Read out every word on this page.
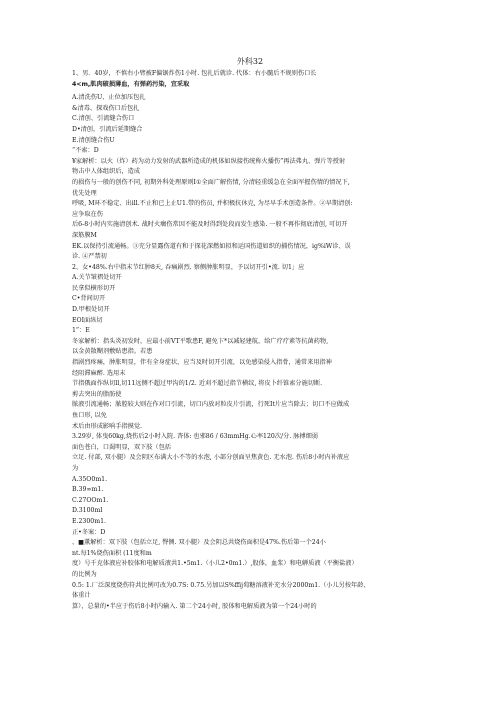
外科32
1、男．40岁，不慎右小臂被F偏锯炸伤1小时. 包扎后就诊. 代体：右小髓后不规则伤口长
4<m,肌肉破损薄血，有弹药污染，宜采取
A.清洗伤U、止位加压包扎
&清毒、探戏伤口后包扎
C.清创、引流缝合伤口
D•清创，引流后延期缝合
E.清创缝合伤U
“不索：D
¥家解析：以火（炸）药为动力发射的武器所造成的机体如纵接伤统称火播伤”再法弗丸、弹片等授射
物击中人体组织后，造成
的损伤与一般的创伤不同, 初期外科处理原则Ⅰ①全面广解伤情, 分清轻重缓急在全面军握伤情的情况下,
优先处理
呼吸, M环不稳定、出ill.不止和已上止U1.带的伤员, 并积极抗休克, 为尽早手术创造条件。②早期清创:
应争取在伤
后6-8小时内实施清创术. 战时火瘸伤常因不能及时得到处段而发生感染. 一般不再作彻底清创, 可切开
深筋膜M
EK.以保持引流通畅。③充分显露伤道有和于探花深燃如拟和运国伤道如织的捕伤情况，ig%iW诊、误
诊. ④严禁初
2、女•48%.右中指末节红肿8天, 吞痛剧烈. 察侧肿胀明显，予以切开引•流. 切1」应
A.关节皱褶处切开
民拿似横形切开
C•背间切开
D.甲根处切开
EOI面纵切
1”：E
冬家解析：指头炎初发时，应最小前VT平歌患F, 避免卞*以减轻建航，给广疗疗素等抗菌药物,
以金黄散糊剂敷贴患指。若患
指剧烈疼痛，肿胀明显，伴有全身症状，应当及时切开引流，以免感染侵入指骨，通常来用指神
经阻滞麻醉. 选用末
节指俄面作纵切ll,切11远侧不超过甲沟的1/2. 近刈不超过指节横纹, 将皮卜纤锥索分施切断.
剪去突出的脂肪使
脓液引流通畅；脓腔较大则在作对口引流，切口内放对粒皮片引流，行死It片应当除去；切口不应做成
鱼口形, 以免
术后由形成影响手指摸觉.
3.29岁, 体曳60kg,烧伤后2小时入院. 杳体: 也邪86 / 63mmHg.心率120次/分. 脉搏细弱
面色苍白，口渴明显，双下肢（包括
立足. 付部, 双小腿）及会阴区布满大小不等的水泡, 小部分创面呈焦黄色. 无水泡. 伤后8小时内补液应
为
A.35O0m1.
B.39∞m1.
C.27OOm1.
D.3100ml
E.2300m1.
正•冬案：D
、■薰解析：双下肢（包括立足, 臀侧. 双小腿）及会阴总共烧伤面积是47%.伤后第一个24小
nt.每1%烧伤面积 (11度和m
度）号千克体液应补胶体和电解质液共1.•5m1.（小儿2•0m1.）,股体，血浆）和电觯质液（平衡盐液）
的比例为
0.5: 1.厂泛深度烧伤符共比例可改为0.7S: 0.75.另加以S%ffij萄糖溶液补充水分2000m1.（小儿另按年龄、
体重计
算），总量的•半应于伤后8小时内输入. 第二个24小时, 胶体和电解质液为第一个24小时的
